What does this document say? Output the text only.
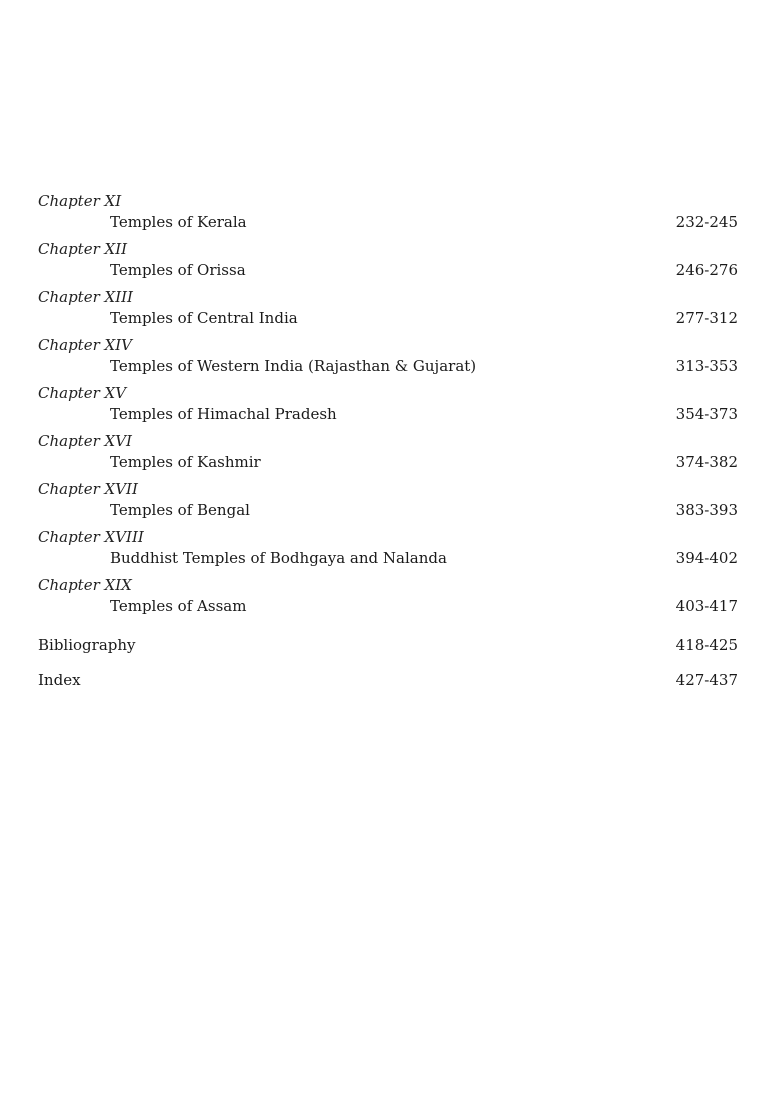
Chapter XI
Temples of Kerala	232-245
Chapter XII
Temples of Orissa	246-276
Chapter XIII
Temples of Central India	277-312
Chapter XIV
Temples of Western India (Rajasthan & Gujarat)	313-353
Chapter XV
Temples of Himachal Pradesh	354-373
Chapter XVI
Temples of Kashmir	374-382
Chapter XVII
Temples of Bengal	383-393
Chapter XVIII
Buddhist Temples of Bodhgaya and Nalanda	394-402
Chapter XIX
Temples of Assam	403-417
Bibliography	418-425
Index	427-437
